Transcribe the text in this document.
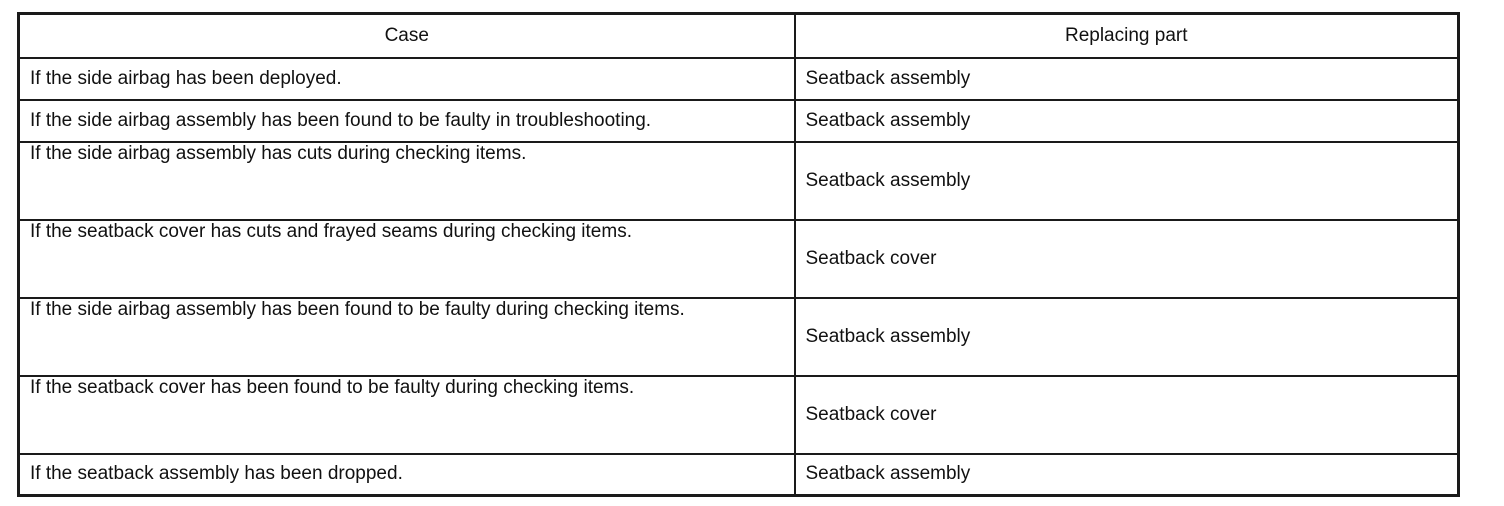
Case	Replacing part
If the side airbag has been deployed.	Seatback assembly
If the side airbag assembly has been found to be faulty in troubleshooting.	Seatback assembly
If the side airbag assembly has cuts during checking items.	Seatback assembly
If the seatback cover has cuts and frayed seams during checking items.	Seatback cover
If the side airbag assembly has been found to be faulty during checking items.	Seatback assembly
If the seatback cover has been found to be faulty during checking items.	Seatback cover
If the seatback assembly has been dropped.	Seatback assembly
